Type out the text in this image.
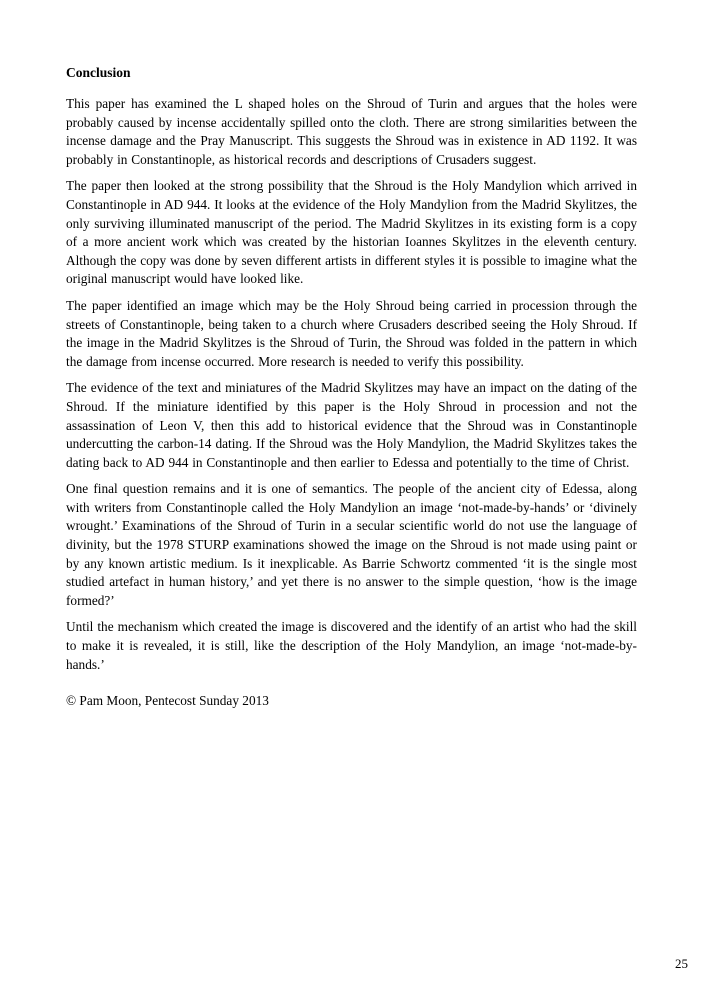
Conclusion

This paper has examined the L shaped holes on the Shroud of Turin and argues that the holes were probably caused by incense accidentally spilled onto the cloth. There are strong similarities between the incense damage and the Pray Manuscript. This suggests the Shroud was in existence in AD 1192. It was probably in Constantinople, as historical records and descriptions of Crusaders suggest.

The paper then looked at the strong possibility that the Shroud is the Holy Mandylion which arrived in Constantinople in AD 944. It looks at the evidence of the Holy Mandylion from the Madrid Skylitzes, the only surviving illuminated manuscript of the period. The Madrid Skylitzes in its existing form is a copy of a more ancient work which was created by the historian Ioannes Skylitzes in the eleventh century. Although the copy was done by seven different artists in different styles it is possible to imagine what the original manuscript would have looked like.

The paper identified an image which may be the Holy Shroud being carried in procession through the streets of Constantinople, being taken to a church where Crusaders described seeing the Holy Shroud. If the image in the Madrid Skylitzes is the Shroud of Turin, the Shroud was folded in the pattern in which the damage from incense occurred. More research is needed to verify this possibility.

The evidence of the text and miniatures of the Madrid Skylitzes may have an impact on the dating of the Shroud. If the miniature identified by this paper is the Holy Shroud in procession and not the assassination of Leon V, then this add to historical evidence that the Shroud was in Constantinople undercutting the carbon-14 dating. If the Shroud was the Holy Mandylion, the Madrid Skylitzes takes the dating back to AD 944 in Constantinople and then earlier to Edessa and potentially to the time of Christ.

One final question remains and it is one of semantics. The people of the ancient city of Edessa, along with writers from Constantinople called the Holy Mandylion an image ‘not-made-by-hands’ or ‘divinely wrought.’ Examinations of the Shroud of Turin in a secular scientific world do not use the language of divinity, but the 1978 STURP examinations showed the image on the Shroud is not made using paint or by any known artistic medium. Is it inexplicable. As Barrie Schwortz commented ‘it is the single most studied artefact in human history,’ and yet there is no answer to the simple question, ‘how is the image formed?’

Until the mechanism which created the image is discovered and the identify of an artist who had the skill to make it is revealed, it is still, like the description of the Holy Mandylion, an image ‘not-made-by-hands.’

© Pam Moon, Pentecost Sunday 2013

25
